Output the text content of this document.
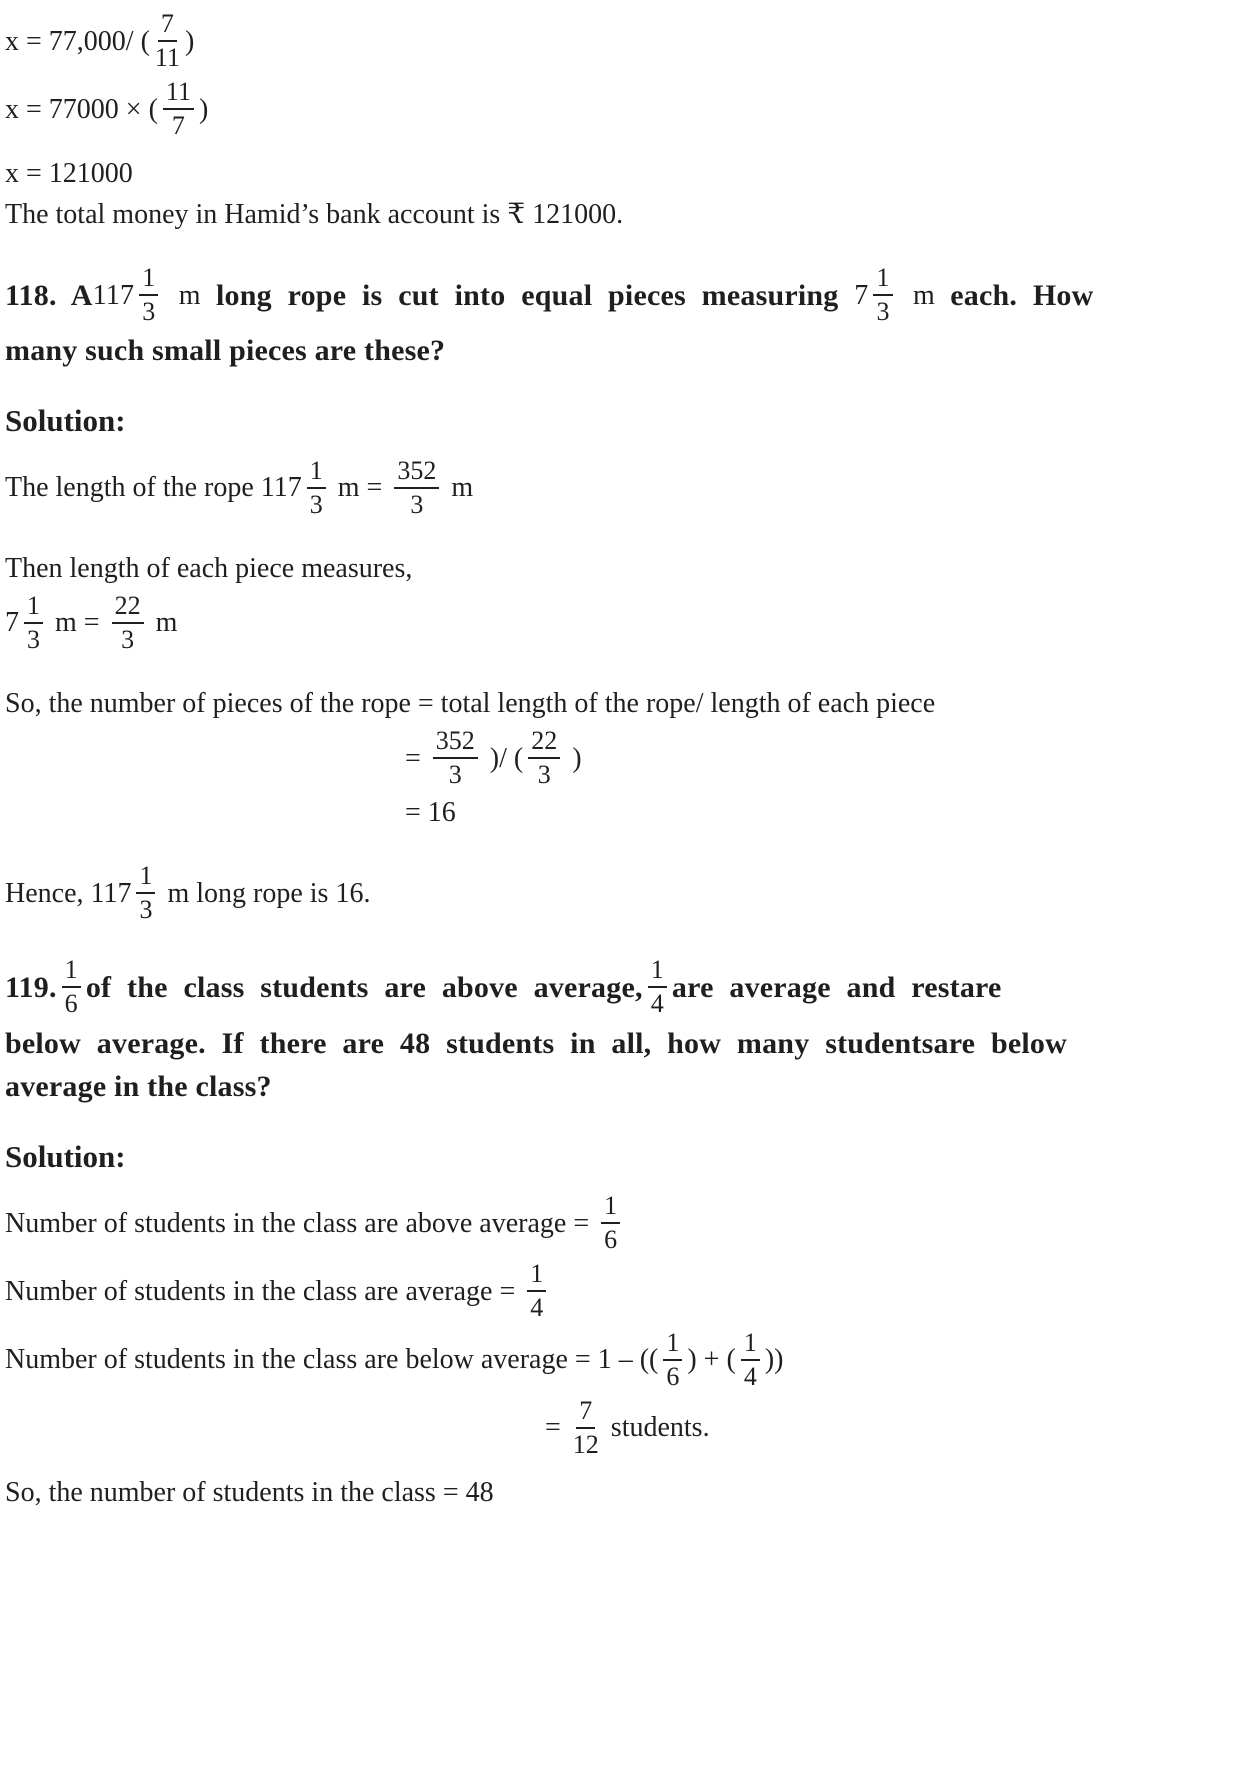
x = 77,000/ ( $\frac{7}{11}$ )
x = 77000 × ( $\frac{11}{7}$ )
x = 121000
The total money in Hamid’s bank account is ₹ 121000.
118. A $117 \frac{1}{3}$ m long rope is cut into equal pieces measuring $7 \frac{1}{3}$ m each. How
many such small pieces are these?
Solution:
The length of the rope $117 \frac{1}{3}$ $m = \frac{352}{3}$ m
Then length of each piece measures,
$7 \frac{1}{3}$ $m = \frac{22}{3}$ m
So, the number of pieces of the rope = total length of the rope/ length of each piece
= $\frac{352}{3}$ )/ ( $\frac{22}{3}$ )
= 16
Hence, $117 \frac{1}{3}$ m long rope is 16.
119. $\frac{1}{6}$ of the class students are above average, $\frac{1}{4}$ are average and restare
below average. If there are 48 students in all, how many studentsare below
average in the class?
Solution:
Number of students in the class are above average = $\frac{1}{6}$
Number of students in the class are average = $\frac{1}{4}$
Number of students in the class are below average = 1 – (( $\frac{1}{6}$ ) + ( $\frac{1}{4}$ ))
= $\frac{7}{12}$ students.
So, the number of students in the class = 48
